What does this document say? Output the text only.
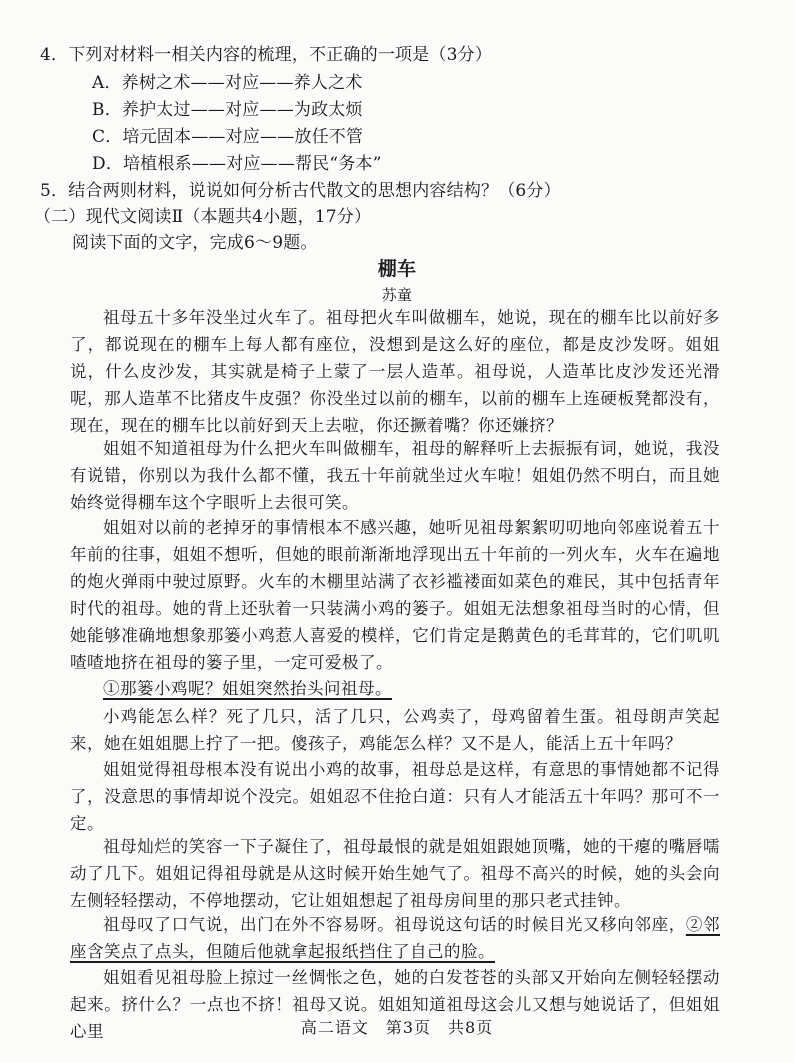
4．下列对材料一相关内容的梳理，不正确的一项是（3分）
A．养树之术——对应——养人之术
B．养护太过——对应——为政太烦
C．培元固本——对应——放任不管
D．培植根系——对应——帮民“务本”
5．结合两则材料，说说如何分析古代散文的思想内容结构？（6分）
（二）现代文阅读Ⅱ（本题共4小题，17分）
阅读下面的文字，完成6～9题。
棚车
苏童
祖母五十多年没坐过火车了。祖母把火车叫做棚车，她说，现在的棚车比以前好多了，都说现在的棚车上每人都有座位，没想到是这么好的座位，都是皮沙发呀。姐姐说，什么皮沙发，其实就是椅子上蒙了一层人造革。祖母说，人造革比皮沙发还光滑呢，那人造革不比猪皮牛皮强？你没坐过以前的棚车，以前的棚车上连硬板凳都没有，现在，现在的棚车比以前好到天上去啦，你还撅着嘴？你还嫌挤？
姐姐不知道祖母为什么把火车叫做棚车，祖母的解释听上去振振有词，她说，我没有说错，你别以为我什么都不懂，我五十年前就坐过火车啦！姐姐仍然不明白，而且她始终觉得棚车这个字眼听上去很可笑。
姐姐对以前的老掉牙的事情根本不感兴趣，她听见祖母絮絮叨叨地向邻座说着五十年前的往事，姐姐不想听，但她的眼前渐渐地浮现出五十年前的一列火车，火车在遍地的炮火弹雨中驶过原野。火车的木棚里站满了衣衫褴褛面如菜色的难民，其中包括青年时代的祖母。她的背上还驮着一只装满小鸡的篓子。姐姐无法想象祖母当时的心情，但她能够准确地想象那篓小鸡惹人喜爱的模样，它们肯定是鹅黄色的毛茸茸的，它们叽叽喳喳地挤在祖母的篓子里，一定可爱极了。
①那篓小鸡呢？姐姐突然抬头问祖母。
小鸡能怎么样？死了几只，活了几只，公鸡卖了，母鸡留着生蛋。祖母朗声笑起来，她在姐姐腮上拧了一把。傻孩子，鸡能怎么样？又不是人，能活上五十年吗？
姐姐觉得祖母根本没有说出小鸡的故事，祖母总是这样，有意思的事情她都不记得了，没意思的事情却说个没完。姐姐忍不住抢白道：只有人才能活五十年吗？那可不一定。
祖母灿烂的笑容一下子凝住了，祖母最恨的就是姐姐跟她顶嘴，她的干瘪的嘴唇嚅动了几下。姐姐记得祖母就是从这时候开始生她气了。祖母不高兴的时候，她的头会向左侧轻轻摆动，不停地摆动，它让姐姐想起了祖母房间里的那只老式挂钟。
祖母叹了口气说，出门在外不容易呀。祖母说这句话的时候目光又移向邻座，②邻座含笑点了点头，但随后他就拿起报纸挡住了自己的脸。
姐姐看见祖母脸上掠过一丝惆怅之色，她的白发苍苍的头部又开始向左侧轻轻摆动起来。挤什么？一点也不挤！祖母又说。姐姐知道祖母这会儿又想与她说话了，但姐姐心里	高二语文　第3页　共8页
